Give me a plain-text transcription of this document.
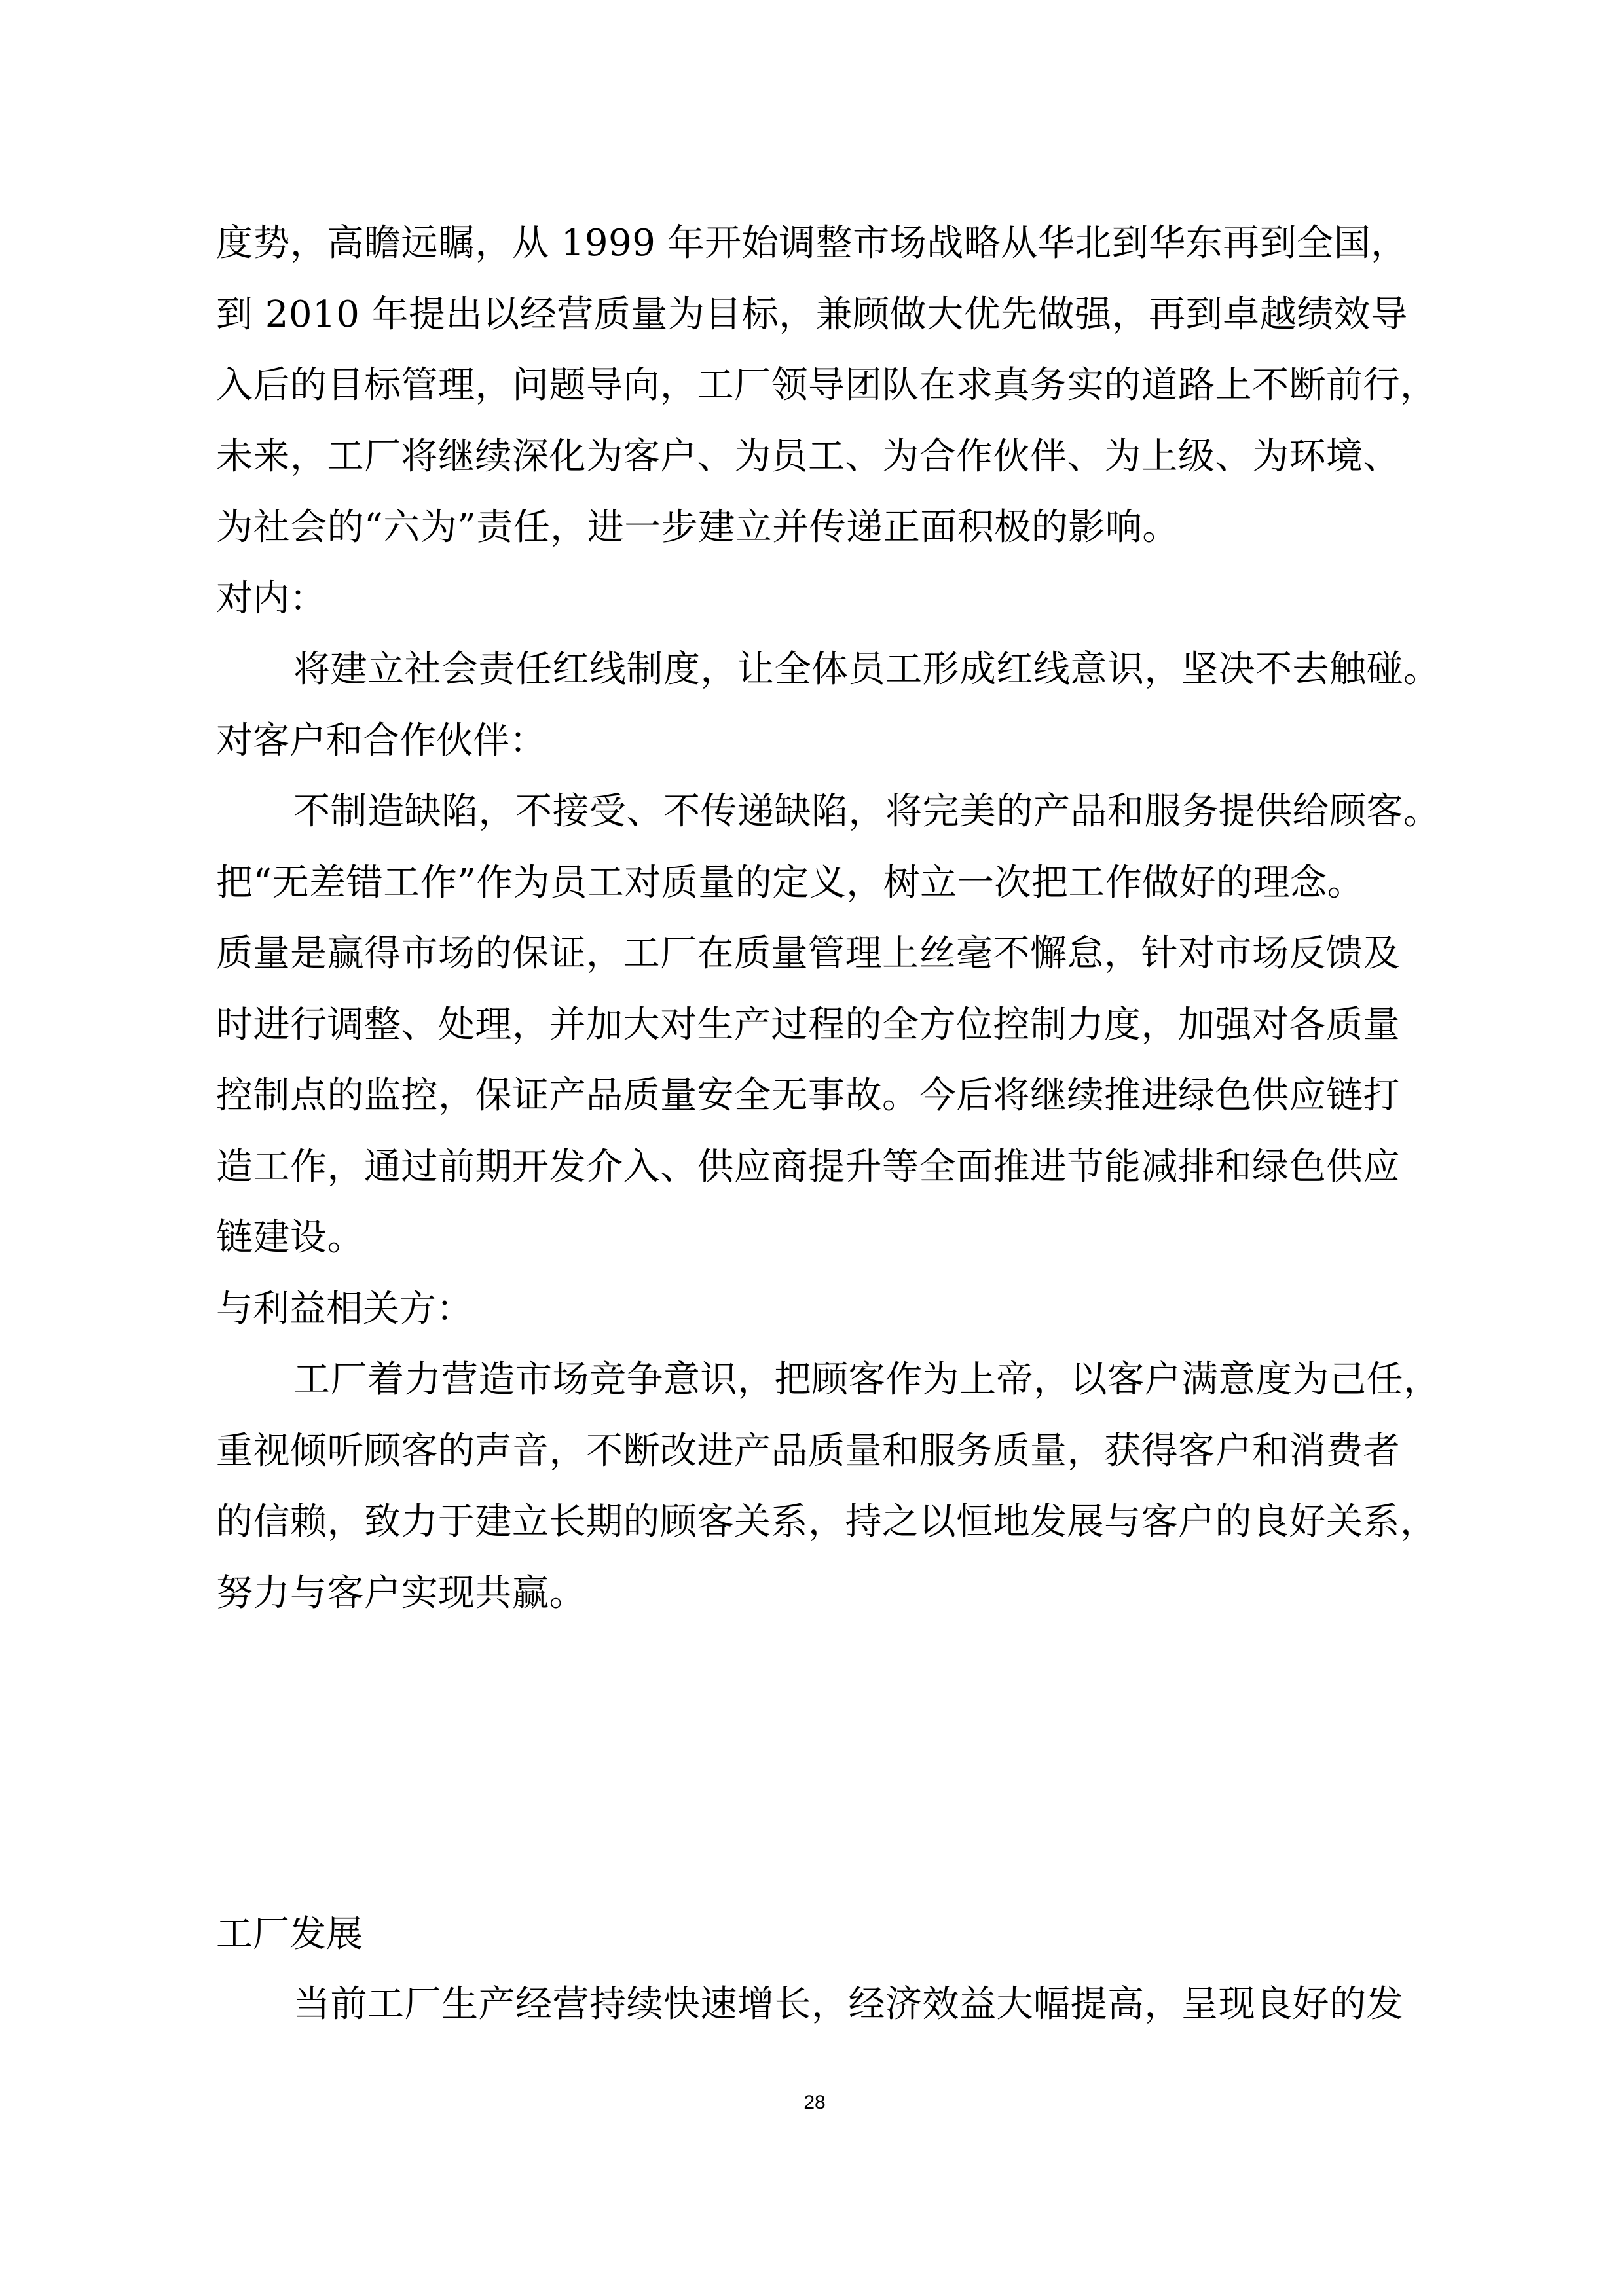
度势，高瞻远瞩，从 1999 年开始调整市场战略从华北到华东再到全国，
到 2010 年提出以经营质量为目标，兼顾做大优先做强，再到卓越绩效导
入后的目标管理，问题导向，工厂领导团队在求真务实的道路上不断前行，
未来，工厂将继续深化为客户、为员工、为合作伙伴、为上级、为环境、
为社会的“六为”责任，进一步建立并传递正面积极的影响。
对内：
将建立社会责任红线制度，让全体员工形成红线意识，坚决不去触碰。
对客户和合作伙伴：
不制造缺陷，不接受、不传递缺陷，将完美的产品和服务提供给顾客。
把“无差错工作”作为员工对质量的定义，树立一次把工作做好的理念。
质量是赢得市场的保证，工厂在质量管理上丝毫不懈怠，针对市场反馈及
时进行调整、处理，并加大对生产过程的全方位控制力度，加强对各质量
控制点的监控，保证产品质量安全无事故。今后将继续推进绿色供应链打
造工作，通过前期开发介入、供应商提升等全面推进节能减排和绿色供应
链建设。
与利益相关方：
工厂着力营造市场竞争意识，把顾客作为上帝，以客户满意度为己任，
重视倾听顾客的声音，不断改进产品质量和服务质量，获得客户和消费者
的信赖，致力于建立长期的顾客关系，持之以恒地发展与客户的良好关系，
努力与客户实现共赢。
工厂发展
当前工厂生产经营持续快速增长，经济效益大幅提高，呈现良好的发
28
